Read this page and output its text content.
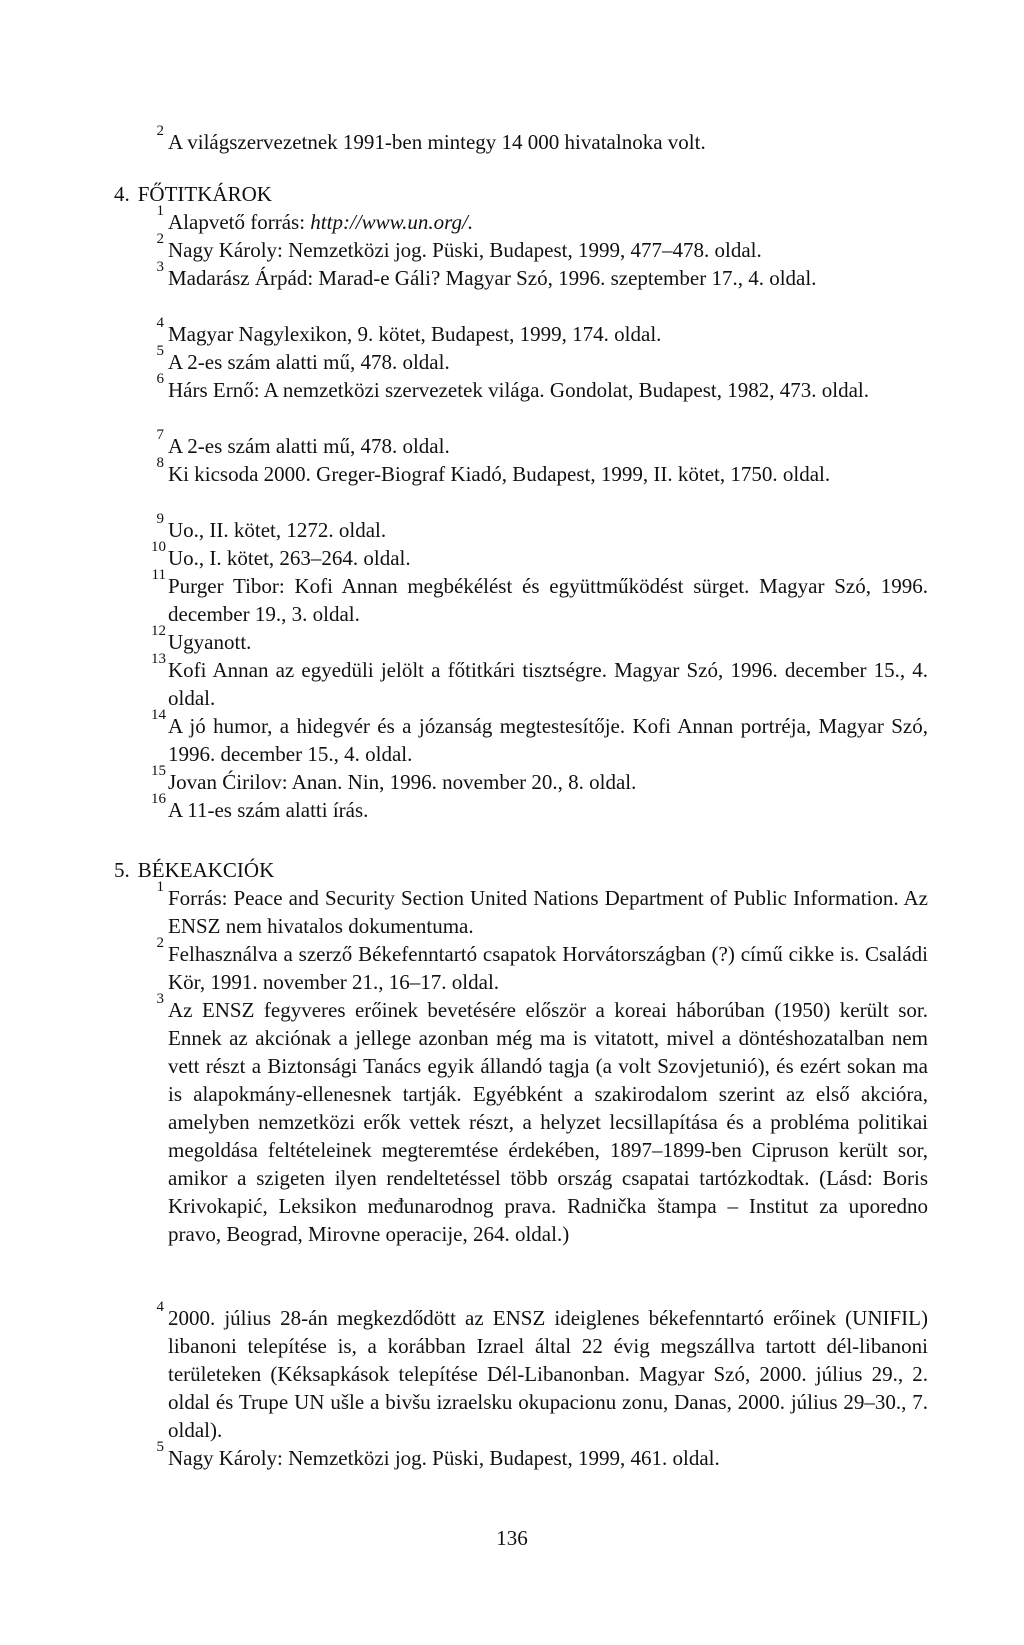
2 A világszervezetnek 1991-ben mintegy 14 000 hivatalnoka volt.
4. FŐTITKÁROK
1 Alapvető forrás: http://www.un.org/.
2 Nagy Károly: Nemzetközi jog. Püski, Budapest, 1999, 477–478. oldal.
3 Madarász Árpád: Marad-e Gáli? Magyar Szó, 1996. szeptember 17., 4. oldal.
4 Magyar Nagylexikon, 9. kötet, Budapest, 1999, 174. oldal.
5 A 2-es szám alatti mű, 478. oldal.
6 Hárs Ernő: A nemzetközi szervezetek világa. Gondolat, Budapest, 1982, 473. oldal.
7 A 2-es szám alatti mű, 478. oldal.
8 Ki kicsoda 2000. Greger-Biograf Kiadó, Budapest, 1999, II. kötet, 1750. oldal.
9 Uo., II. kötet, 1272. oldal.
10 Uo., I. kötet, 263–264. oldal.
11 Purger Tibor: Kofi Annan megbékélést és együttműködést sürget. Magyar Szó, 1996. december 19., 3. oldal.
12 Ugyanott.
13 Kofi Annan az egyedüli jelölt a főtitkári tisztségre. Magyar Szó, 1996. december 15., 4. oldal.
14 A jó humor, a hidegvér és a józanság megtestesítője. Kofi Annan portréja, Magyar Szó, 1996. december 15., 4. oldal.
15 Jovan Ćirilov: Anan. Nin, 1996. november 20., 8. oldal.
16 A 11-es szám alatti írás.
5. BÉKEAKCIÓK
1 Forrás: Peace and Security Section United Nations Department of Public Information. Az ENSZ nem hivatalos dokumentuma.
2 Felhasználva a szerző Békefenntartó csapatok Horvátországban (?) című cikke is. Családi Kör, 1991. november 21., 16–17. oldal.
3 Az ENSZ fegyveres erőinek bevetésére először a koreai háborúban (1950) került sor. Ennek az akciónak a jellege azonban még ma is vitatott, mivel a döntéshozatalban nem vett részt a Biztonsági Tanács egyik állandó tagja (a volt Szovjetunió), és ezért sokan ma is alapokmány-ellenesnek tartják. Egyébként a szakirodalom szerint az első akcióra, amelyben nemzetközi erők vettek részt, a helyzet lecsillapítása és a probléma politikai megoldása feltételeinek megteremtése érdekében, 1897–1899-ben Cipruson került sor, amikor a szigeten ilyen rendeltetéssel több ország csapatai tartózkodtak. (Lásd: Boris Krivokapić, Leksikon međunarodnog prava. Radnička štampa – Institut za uporedno pravo, Beograd, Mirovne operacije, 264. oldal.)
4 2000. július 28-án megkezdődött az ENSZ ideiglenes békefenntartó erőinek (UNIFIL) libanoni telepítése is, a korábban Izrael által 22 évig megszállva tartott dél-libanoni területeken (Kéksapkások telepítése Dél-Libanonban. Magyar Szó, 2000. július 29., 2. oldal és Trupe UN ušle a bivšu izraelsku okupacionu zonu, Danas, 2000. július 29–30., 7. oldal).
5 Nagy Károly: Nemzetközi jog. Püski, Budapest, 1999, 461. oldal.
136
